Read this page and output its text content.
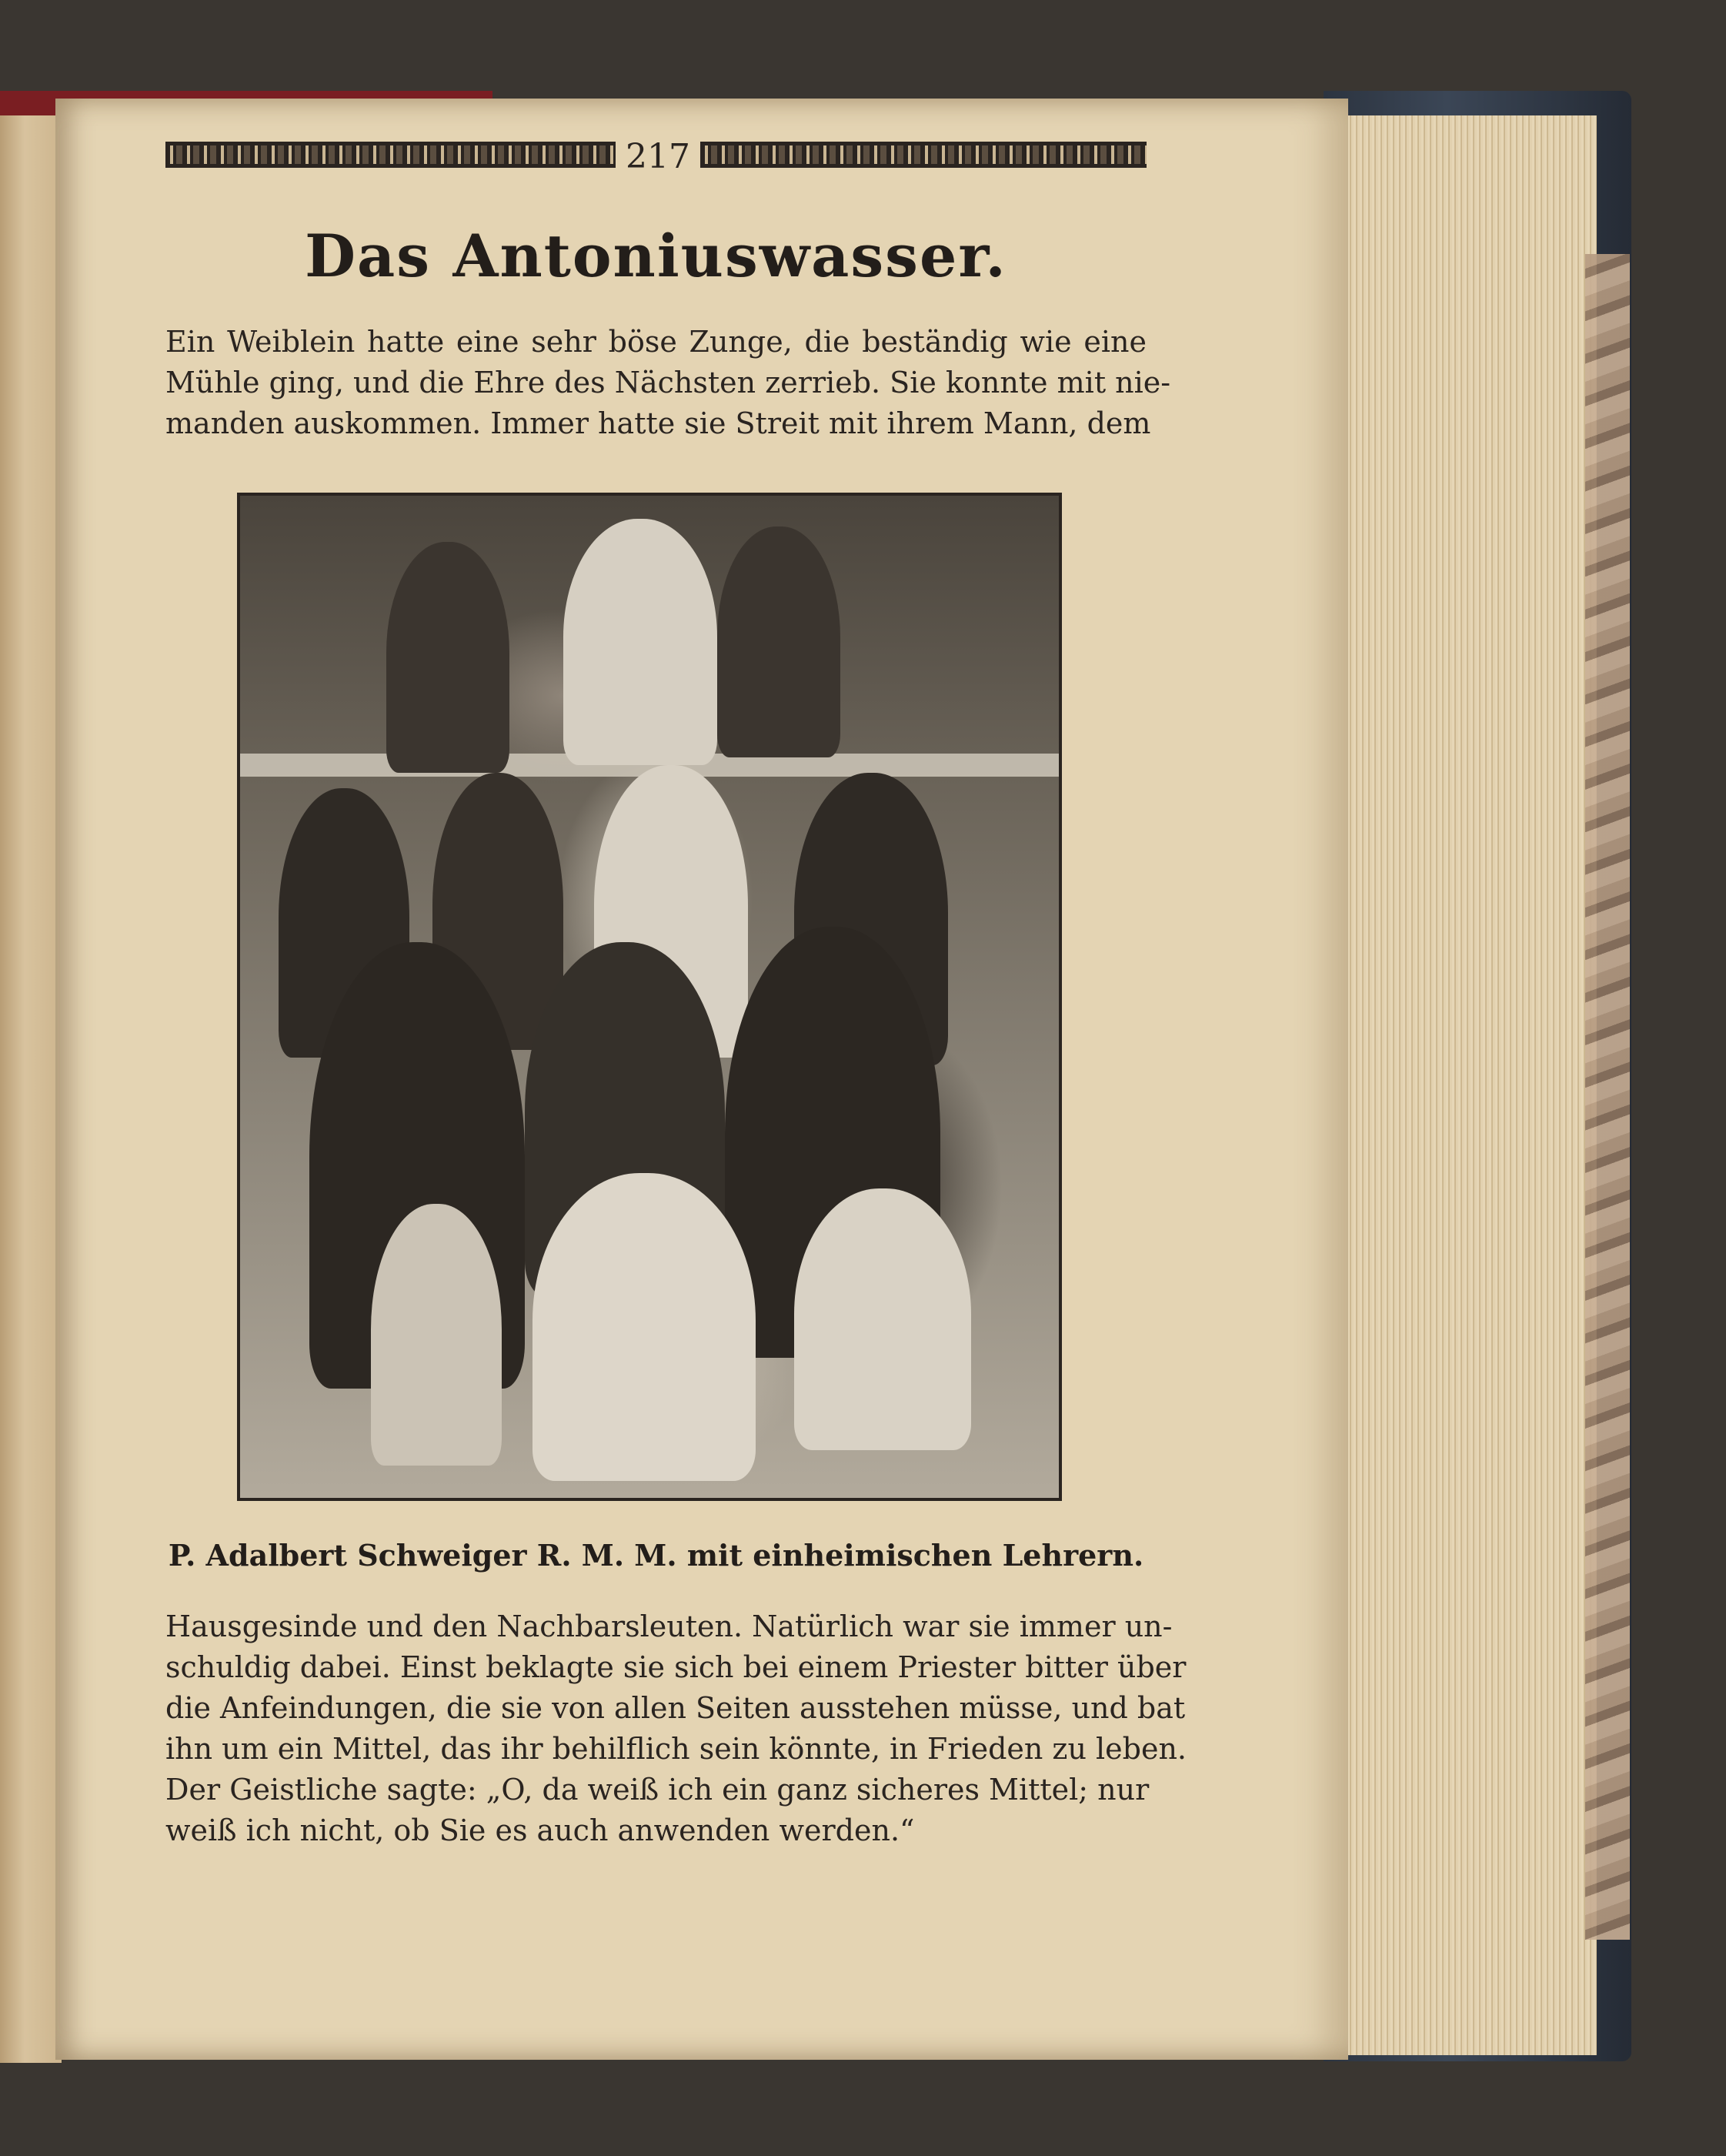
217
Das Antoniuswasser.
Ein Weiblein hatte eine sehr böse Zunge, die beständig wie eine
Mühle ging, und die Ehre des Nächsten zerrieb. Sie konnte mit nie-
manden auskommen. Immer hatte sie Streit mit ihrem Mann, dem
P. Adalbert Schweiger R. M. M. mit einheimischen Lehrern.
Hausgesinde und den Nachbarsleuten. Natürlich war sie immer un-
schuldig dabei. Einst beklagte sie sich bei einem Priester bitter über
die Anfeindungen, die sie von allen Seiten ausstehen müsse, und bat
ihn um ein Mittel, das ihr behilflich sein könnte, in Frieden zu leben.
Der Geistliche sagte: „O, da weiß ich ein ganz sicheres Mittel; nur
weiß ich nicht, ob Sie es auch anwenden werden.“
